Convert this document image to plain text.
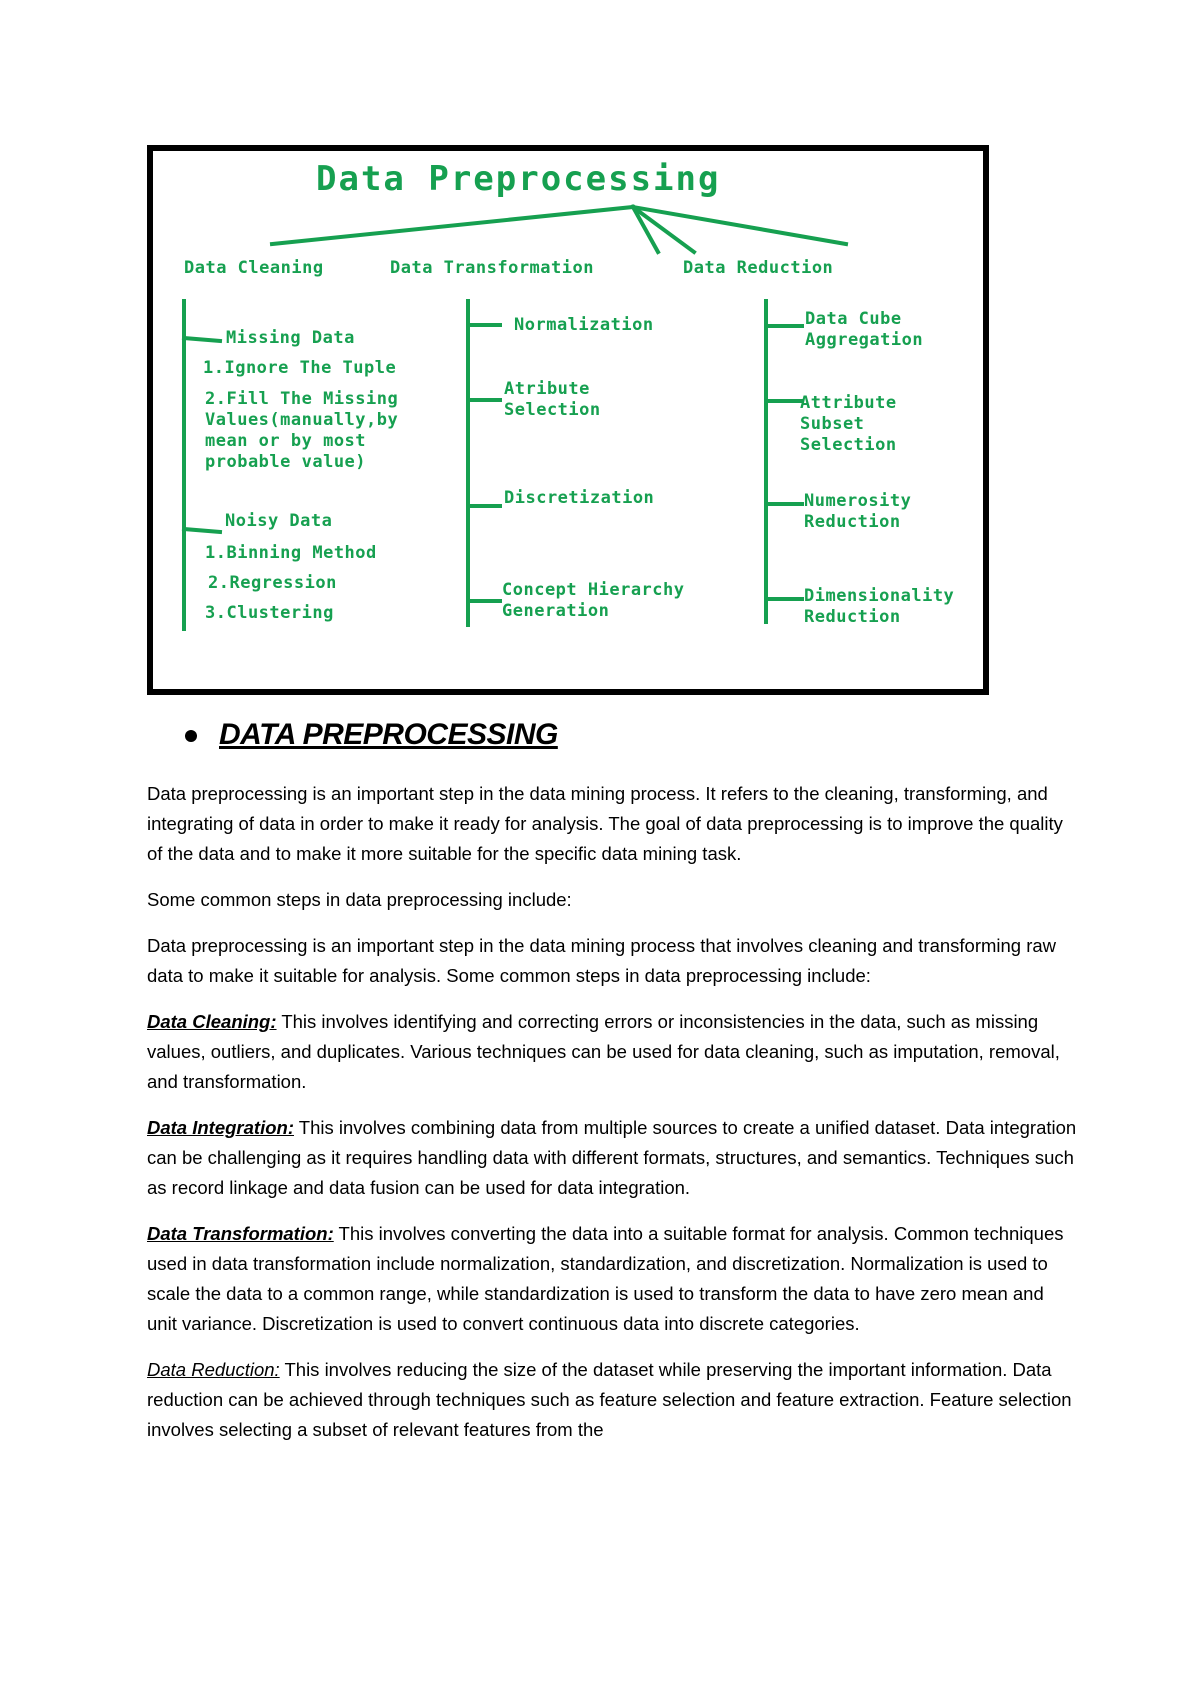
Data Preprocessing
Data Cleaning	Data Transformation	Data Reduction
Missing Data
1.Ignore The Tuple
2.Fill The Missing
Values(manually,by
mean or by most
probable value)
Noisy Data
1.Binning Method
2.Regression
3.Clustering
Normalization
Atribute
Selection
Discretization
Concept Hierarchy
Generation
Data Cube
Aggregation
Attribute
Subset
Selection
Numerosity
Reduction
Dimensionality
Reduction
DATA PREPROCESSING

Data preprocessing is an important step in the data mining process. It refers to the cleaning, transforming, and integrating of data in order to make it ready for analysis. The goal of data preprocessing is to improve the quality of the data and to make it more suitable for the specific data mining task.

Some common steps in data preprocessing include:

Data preprocessing is an important step in the data mining process that involves cleaning and transforming raw data to make it suitable for analysis. Some common steps in data preprocessing include:

Data Cleaning: This involves identifying and correcting errors or inconsistencies in the data, such as missing values, outliers, and duplicates. Various techniques can be used for data cleaning, such as imputation, removal, and transformation.

Data Integration: This involves combining data from multiple sources to create a unified dataset. Data integration can be challenging as it requires handling data with different formats, structures, and semantics. Techniques such as record linkage and data fusion can be used for data integration.

Data Transformation: This involves converting the data into a suitable format for analysis. Common techniques used in data transformation include normalization, standardization, and discretization. Normalization is used to scale the data to a common range, while standardization is used to transform the data to have zero mean and unit variance. Discretization is used to convert continuous data into discrete categories.

Data Reduction: This involves reducing the size of the dataset while preserving the important information. Data reduction can be achieved through techniques such as feature selection and feature extraction. Feature selection involves selecting a subset of relevant features from the
